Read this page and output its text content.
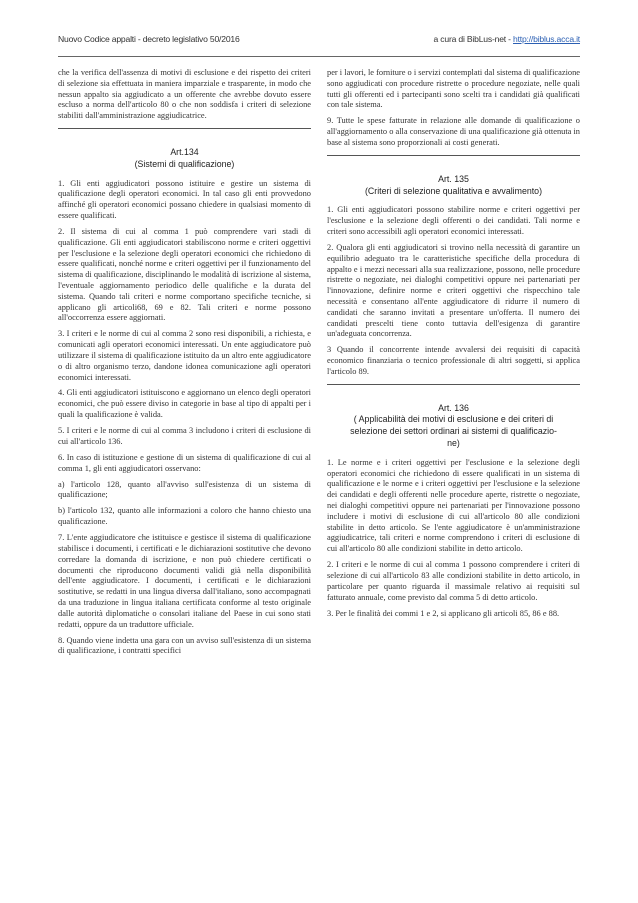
Nuovo Codice appalti - decreto legislativo 50/2016	a cura di BibLus-net - http://biblus.acca.it

che la verifica dell'assenza di motivi di esclusione e dei rispetto dei criteri di selezione sia effettuata in maniera imparziale e trasparente, in modo che nessun appalto sia aggiudicato a un offerente che avrebbe dovuto essere escluso a norma dell'articolo 80 o che non soddisfa i criteri di selezione stabiliti dall'amministrazione aggiudicatrice.

Art.134
(Sistemi di qualificazione)

1. Gli enti aggiudicatori possono istituire e gestire un sistema di qualificazione degli operatori economici. In tal caso gli enti provvedono affinché gli operatori economici possano chiedere in qualsiasi momento di essere qualificati.

2. Il sistema di cui al comma 1 può comprendere vari stadi di qualificazione. Gli enti aggiudicatori stabiliscono norme e criteri oggettivi per l'esclusione e la selezione degli operatori economici che richiedono di essere qualificati, nonché norme e criteri oggettivi per il funzionamento del sistema di qualificazione, disciplinando le modalità di iscrizione al sistema, l'eventuale aggiornamento periodico delle qualifiche e la durata del sistema. Quando tali criteri e norme comportano specifiche tecniche, si applicano gli articoli68, 69 e 82. Tali criteri e norme possono all'occorrenza essere aggiornati.

3. I criteri e le norme di cui al comma 2 sono resi disponibili, a richiesta, e comunicati agli operatori economici interessati. Un ente aggiudicatore può utilizzare il sistema di qualificazione istituito da un altro ente aggiudicatore o di altro organismo terzo, dandone idonea comunicazione agli operatori economici interessati.

4. Gli enti aggiudicatori istituiscono e aggiornano un elenco degli operatori economici, che può essere diviso in categorie in base al tipo di appalti per i quali la qualificazione è valida.

5. I criteri e le norme di cui al comma 3 includono i criteri di esclusione di cui all'articolo 136.

6. In caso di istituzione e gestione di un sistema di qualificazione di cui al comma 1, gli enti aggiudicatori osservano:

a) l'articolo 128, quanto all'avviso sull'esistenza di un sistema di qualificazione;

b) l'articolo 132, quanto alle informazioni a coloro che hanno chiesto una qualificazione.

7. L'ente aggiudicatore che istituisce e gestisce il sistema di qualificazione stabilisce i documenti, i certificati e le dichiarazioni sostitutive che devono corredare la domanda di iscrizione, e non può chiedere certificati o documenti che riproducono documenti validi già nella disponibilità dell'ente aggiudicatore. I documenti, i certificati e le dichiarazioni sostitutive, se redatti in una lingua diversa dall'italiano, sono accompagnati da una traduzione in lingua italiana certificata conforme al testo originale dalle autorità diplomatiche o consolari italiane del Paese in cui sono stati redatti, oppure da un traduttore ufficiale.

8. Quando viene indetta una gara con un avviso sull'esistenza di un sistema di qualificazione, i contratti specifici

per i lavori, le forniture o i servizi contemplati dal sistema di qualificazione sono aggiudicati con procedure ristrette o procedure negoziate, nelle quali tutti gli offerenti ed i partecipanti sono scelti tra i candidati già qualificati con tale sistema.

9. Tutte le spese fatturate in relazione alle domande di qualificazione o all'aggiornamento o alla conservazione di una qualificazione già ottenuta in base al sistema sono proporzionali ai costi generati.

Art. 135
(Criteri di selezione qualitativa e avvalimento)

1. Gli enti aggiudicatori possono stabilire norme e criteri oggettivi per l'esclusione e la selezione degli offerenti o dei candidati. Tali norme e criteri sono accessibili agli operatori economici interessati.

2. Qualora gli enti aggiudicatori si trovino nella necessità di garantire un equilibrio adeguato tra le caratteristiche specifiche della procedura di appalto e i mezzi necessari alla sua realizzazione, possono, nelle procedure ristrette o negoziate, nei dialoghi competitivi oppure nei partenariati per l'innovazione, definire norme e criteri oggettivi che rispecchino tale necessità e consentano all'ente aggiudicatore di ridurre il numero di candidati che saranno invitati a presentare un'offerta. Il numero dei candidati prescelti tiene conto tuttavia dell'esigenza di garantire un'adeguata concorrenza.

3 Quando il concorrente intende avvalersi dei requisiti di capacità economico finanziaria o tecnico professionale di altri soggetti, si applica l'articolo 89.

Art. 136
( Applicabilità dei motivi di esclusione e dei criteri di
selezione dei settori ordinari ai sistemi di qualificazio-
ne)

1. Le norme e i criteri oggettivi per l'esclusione e la selezione degli operatori economici che richiedono di essere qualificati in un sistema di qualificazione e le norme e i criteri oggettivi per l'esclusione e la selezione dei candidati e degli offerenti nelle procedure aperte, ristrette o negoziate, nei dialoghi competitivi oppure nei partenariati per l'innovazione possono includere i motivi di esclusione di cui all'articolo 80 alle condizioni stabilite in detto articolo. Se l'ente aggiudicatore è un'amministrazione aggiudicatrice, tali criteri e norme comprendono i criteri di esclusione di cui all'articolo 80 alle condizioni stabilite in detto articolo.

2. I criteri e le norme di cui al comma 1 possono comprendere i criteri di selezione di cui all'articolo 83 alle condizioni stabilite in detto articolo, in particolare per quanto riguarda il massimale relativo ai requisiti sul fatturato annuale, come previsto dal comma 5 di detto articolo.

3. Per le finalità dei commi 1 e 2, si applicano gli articoli 85, 86 e 88.
